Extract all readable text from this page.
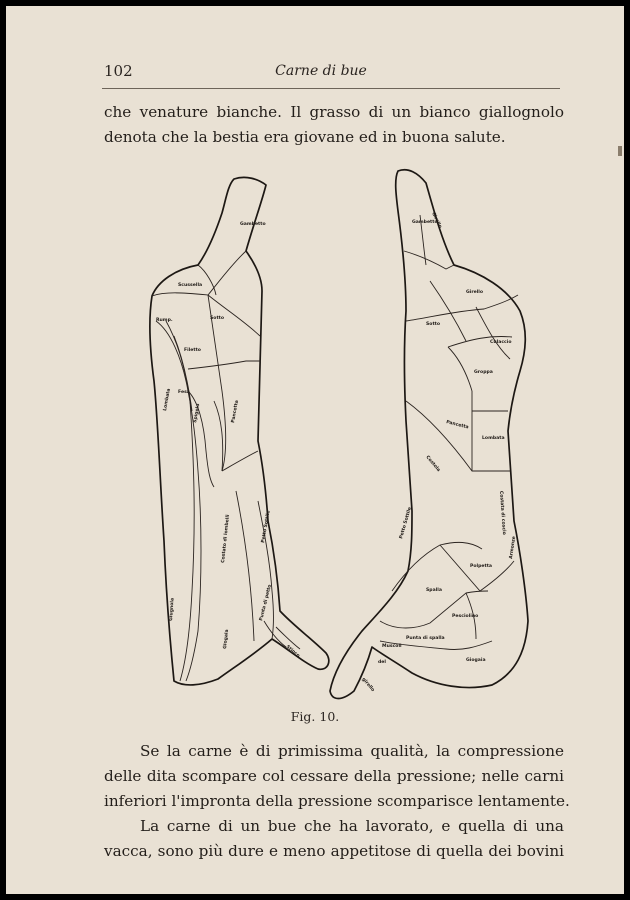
102	Carne di bue
che venature bianche. Il grasso di un bianco giallognolo
denota che la bestia era giovane ed in buona salute.
Gambetto
Scussella
Sotto
Rump.
Filetto
Lombata Fesa
Spigolo	Pancetta
Costato di lombelli	Petto Sottile
Giugnola	Punta di petto
Giogaia
Stinco
Gambetto
Girello
Girello
Sotto
Culaccio
Groppa
Pancetta
Lombata
Costola
Petto Sottile	Costata di coscio
Armonze
Polpetta
Spalla
Pesciolino
Punta di spalla
Muscoli
del
girello
Giogaia
Fig. 10.

Se la carne è di primissima qualità, la compressione
delle dita scompare col cessare della pressione; nelle carni
inferiori l'impronta della pressione scomparisce lentamente.

La carne di un bue che ha lavorato, e quella di una
vacca, sono più dure e meno appetitose di quella dei bovini
